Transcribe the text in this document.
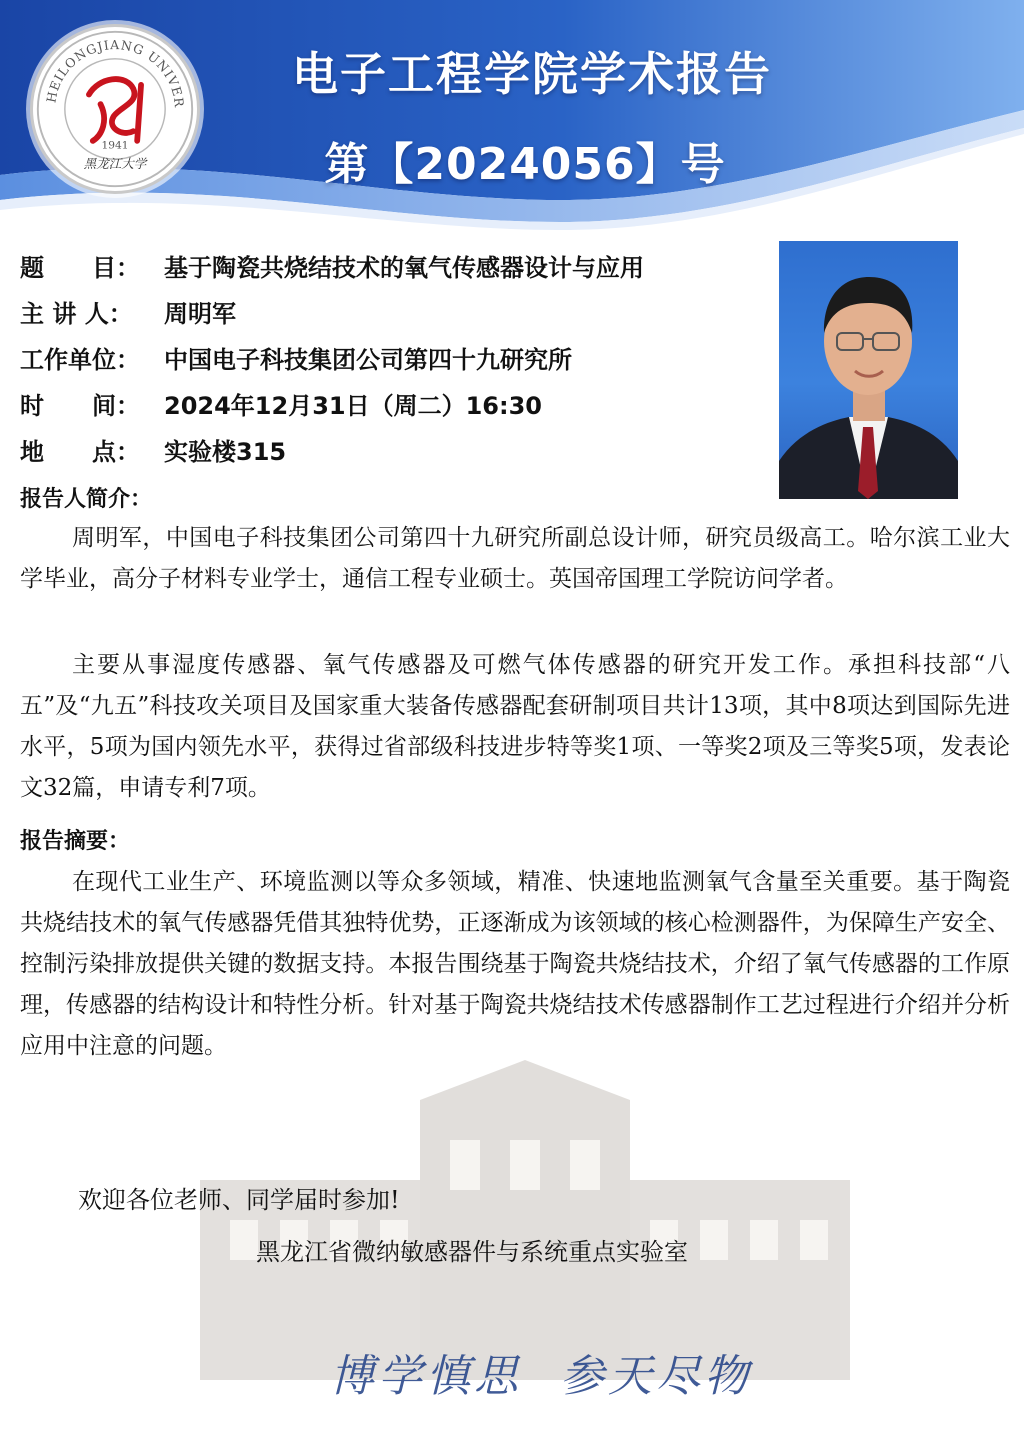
HEILONGJIANG UNIVER
1941
黑龙江大学
电子工程学院学术报告
第【2024056】号
题　　目：	基于陶瓷共烧结技术的氧气传感器设计与应用
主 讲 人：	周明军
工作单位：	中国电子科技集团公司第四十九研究所
时　　间：	2024年12月31日（周二）16:30
地　　点：	实验楼315
报告人简介：
周明军，中国电子科技集团公司第四十九研究所副总设计师，研究员级高工。哈尔滨工业大学毕业，高分子材料专业学士，通信工程专业硕士。英国帝国理工学院访问学者。
主要从事湿度传感器、氧气传感器及可燃气体传感器的研究开发工作。承担科技部“八五”及“九五”科技攻关项目及国家重大装备传感器配套研制项目共计13项，其中8项达到国际先进水平，5项为国内领先水平，获得过省部级科技进步特等奖1项、一等奖2项及三等奖5项，发表论文32篇，申请专利7项。
报告摘要：
在现代工业生产、环境监测以等众多领域，精准、快速地监测氧气含量至关重要。基于陶瓷共烧结技术的氧气传感器凭借其独特优势，正逐渐成为该领域的核心检测器件，为保障生产安全、控制污染排放提供关键的数据支持。本报告围绕基于陶瓷共烧结技术，介绍了氧气传感器的工作原理，传感器的结构设计和特性分析。针对基于陶瓷共烧结技术传感器制作工艺过程进行介绍并分析应用中注意的问题。
欢迎各位老师、同学届时参加!
黑龙江省微纳敏感器件与系统重点实验室
博学慎思 参天尽物
